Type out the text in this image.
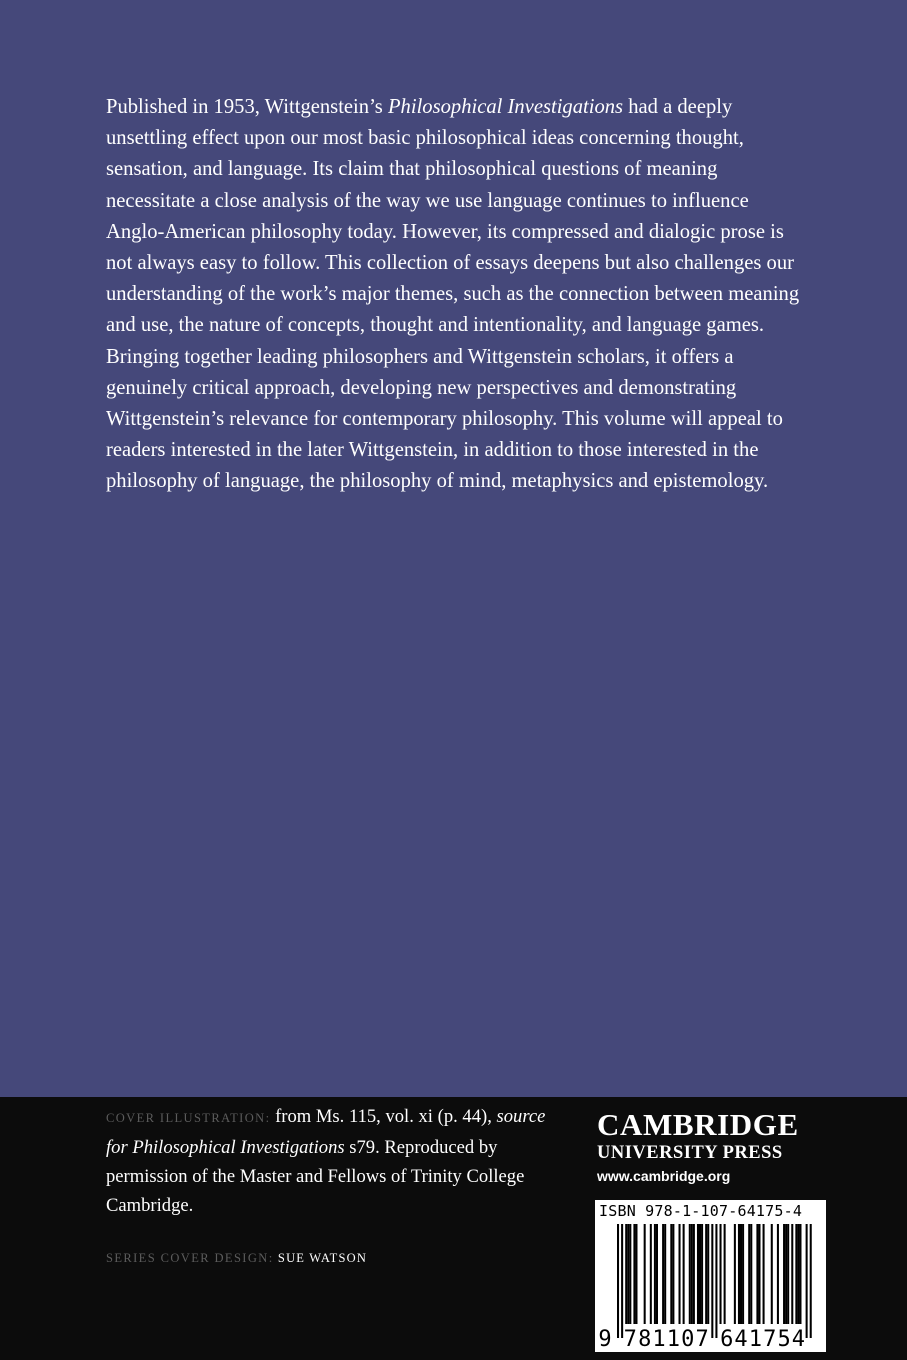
Published in 1953, Wittgenstein’s Philosophical Investigations had a deeply unsettling effect upon our most basic philosophical ideas concerning thought, sensation, and language. Its claim that philosophical questions of meaning necessitate a close analysis of the way we use language continues to influence Anglo-American philosophy today. However, its compressed and dialogic prose is not always easy to follow. This collection of essays deepens but also challenges our understanding of the work’s major themes, such as the connection between meaning and use, the nature of concepts, thought and intentionality, and language games. Bringing together leading philosophers and Wittgenstein scholars, it offers a genuinely critical approach, developing new perspectives and demonstrating Wittgenstein’s relevance for contemporary philosophy. This volume will appeal to readers interested in the later Wittgenstein, in addition to those interested in the philosophy of language, the philosophy of mind, metaphysics and epistemology.

COVER ILLUSTRATION: from Ms. 115, vol. xi (p. 44), source for Philosophical Investigations s79. Reproduced by permission of the Master and Fellows of Trinity College Cambridge.
SERIES COVER DESIGN: SUE WATSON
CAMBRIDGE
UNIVERSITY PRESS
www.cambridge.org
ISBN 978-1-107-64175-4
9 7 8 1 1 0 7 6 4 1 7 5 4
